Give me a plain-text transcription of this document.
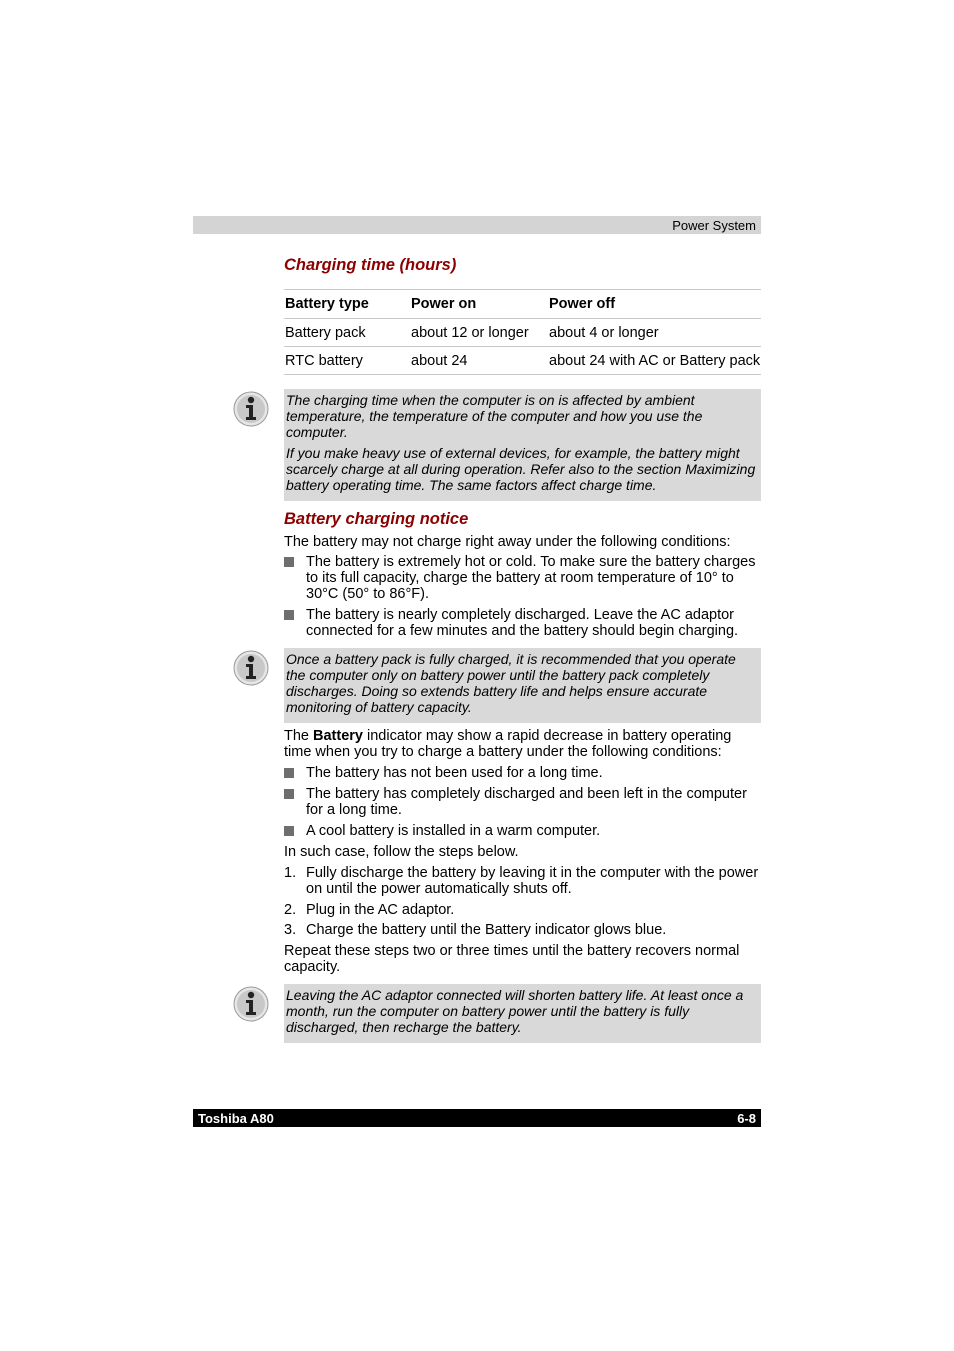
Power System
Charging time (hours)
Battery type	Power on	Power off
Battery pack	about 12 or longer	about 4 or longer
RTC battery	about 24	about 24 with AC or Battery pack

The charging time when the computer is on is affected by ambient temperature, the temperature of the computer and how you use the computer.

If you make heavy use of external devices, for example, the battery might scarcely charge at all during operation. Refer also to the section Maximizing battery operating time. The same factors affect charge time.

Battery charging notice

The battery may not charge right away under the following conditions:

The battery is extremely hot or cold. To make sure the battery charges to its full capacity, charge the battery at room temperature of 10° to 30°C (50° to 86°F).
The battery is nearly completely discharged. Leave the AC adaptor connected for a few minutes and the battery should begin charging.

Once a battery pack is fully charged, it is recommended that you operate the computer only on battery power until the battery pack completely discharges. Doing so extends battery life and helps ensure accurate monitoring of battery capacity.

The Battery indicator may show a rapid decrease in battery operating time when you try to charge a battery under the following conditions:

The battery has not been used for a long time.
The battery has completely discharged and been left in the computer for a long time.
A cool battery is installed in a warm computer.

In such case, follow the steps below.

1. Fully discharge the battery by leaving it in the computer with the power on until the power automatically shuts off.
2. Plug in the AC adaptor.
3. Charge the battery until the Battery indicator glows blue.

Repeat these steps two or three times until the battery recovers normal capacity.

Leaving the AC adaptor connected will shorten battery life. At least once a month, run the computer on battery power until the battery is fully discharged, then recharge the battery.

Toshiba A80	6-8
